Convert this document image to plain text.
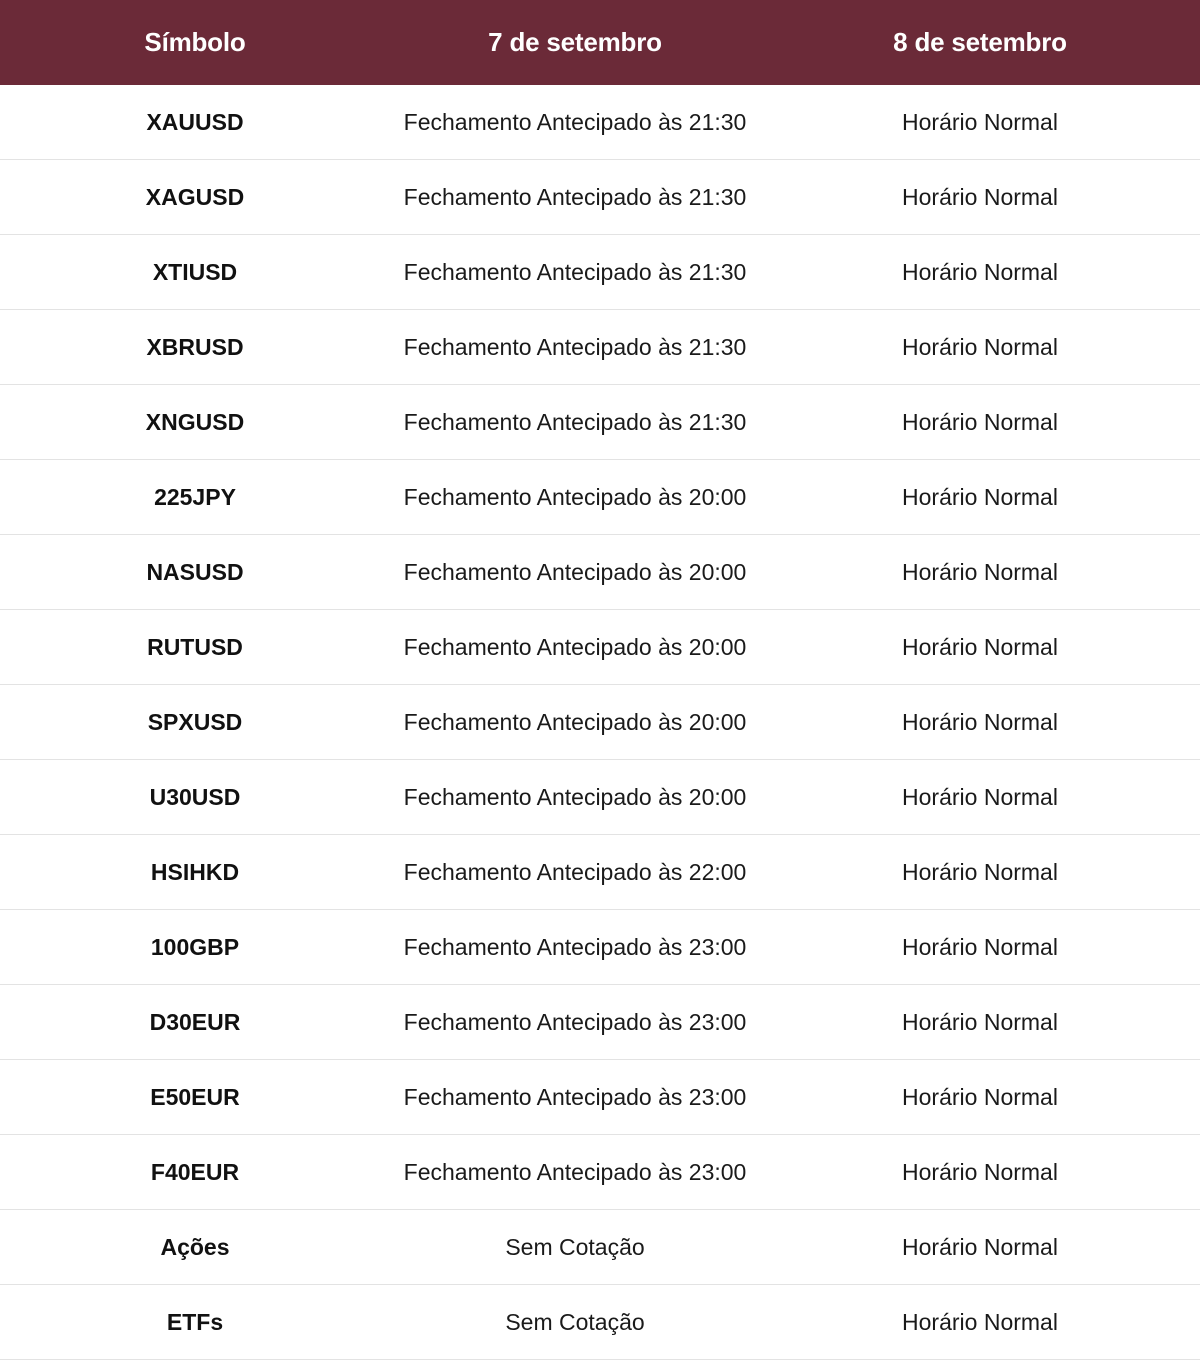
Símbolo	7 de setembro	8 de setembro
XAUUSD	Fechamento Antecipado às 21:30	Horário Normal
XAGUSD	Fechamento Antecipado às 21:30	Horário Normal
XTIUSD	Fechamento Antecipado às 21:30	Horário Normal
XBRUSD	Fechamento Antecipado às 21:30	Horário Normal
XNGUSD	Fechamento Antecipado às 21:30	Horário Normal
225JPY	Fechamento Antecipado às 20:00	Horário Normal
NASUSD	Fechamento Antecipado às 20:00	Horário Normal
RUTUSD	Fechamento Antecipado às 20:00	Horário Normal
SPXUSD	Fechamento Antecipado às 20:00	Horário Normal
U30USD	Fechamento Antecipado às 20:00	Horário Normal
HSIHKD	Fechamento Antecipado às 22:00	Horário Normal
100GBP	Fechamento Antecipado às 23:00	Horário Normal
D30EUR	Fechamento Antecipado às 23:00	Horário Normal
E50EUR	Fechamento Antecipado às 23:00	Horário Normal
F40EUR	Fechamento Antecipado às 23:00	Horário Normal
Ações	Sem Cotação	Horário Normal
ETFs	Sem Cotação	Horário Normal
